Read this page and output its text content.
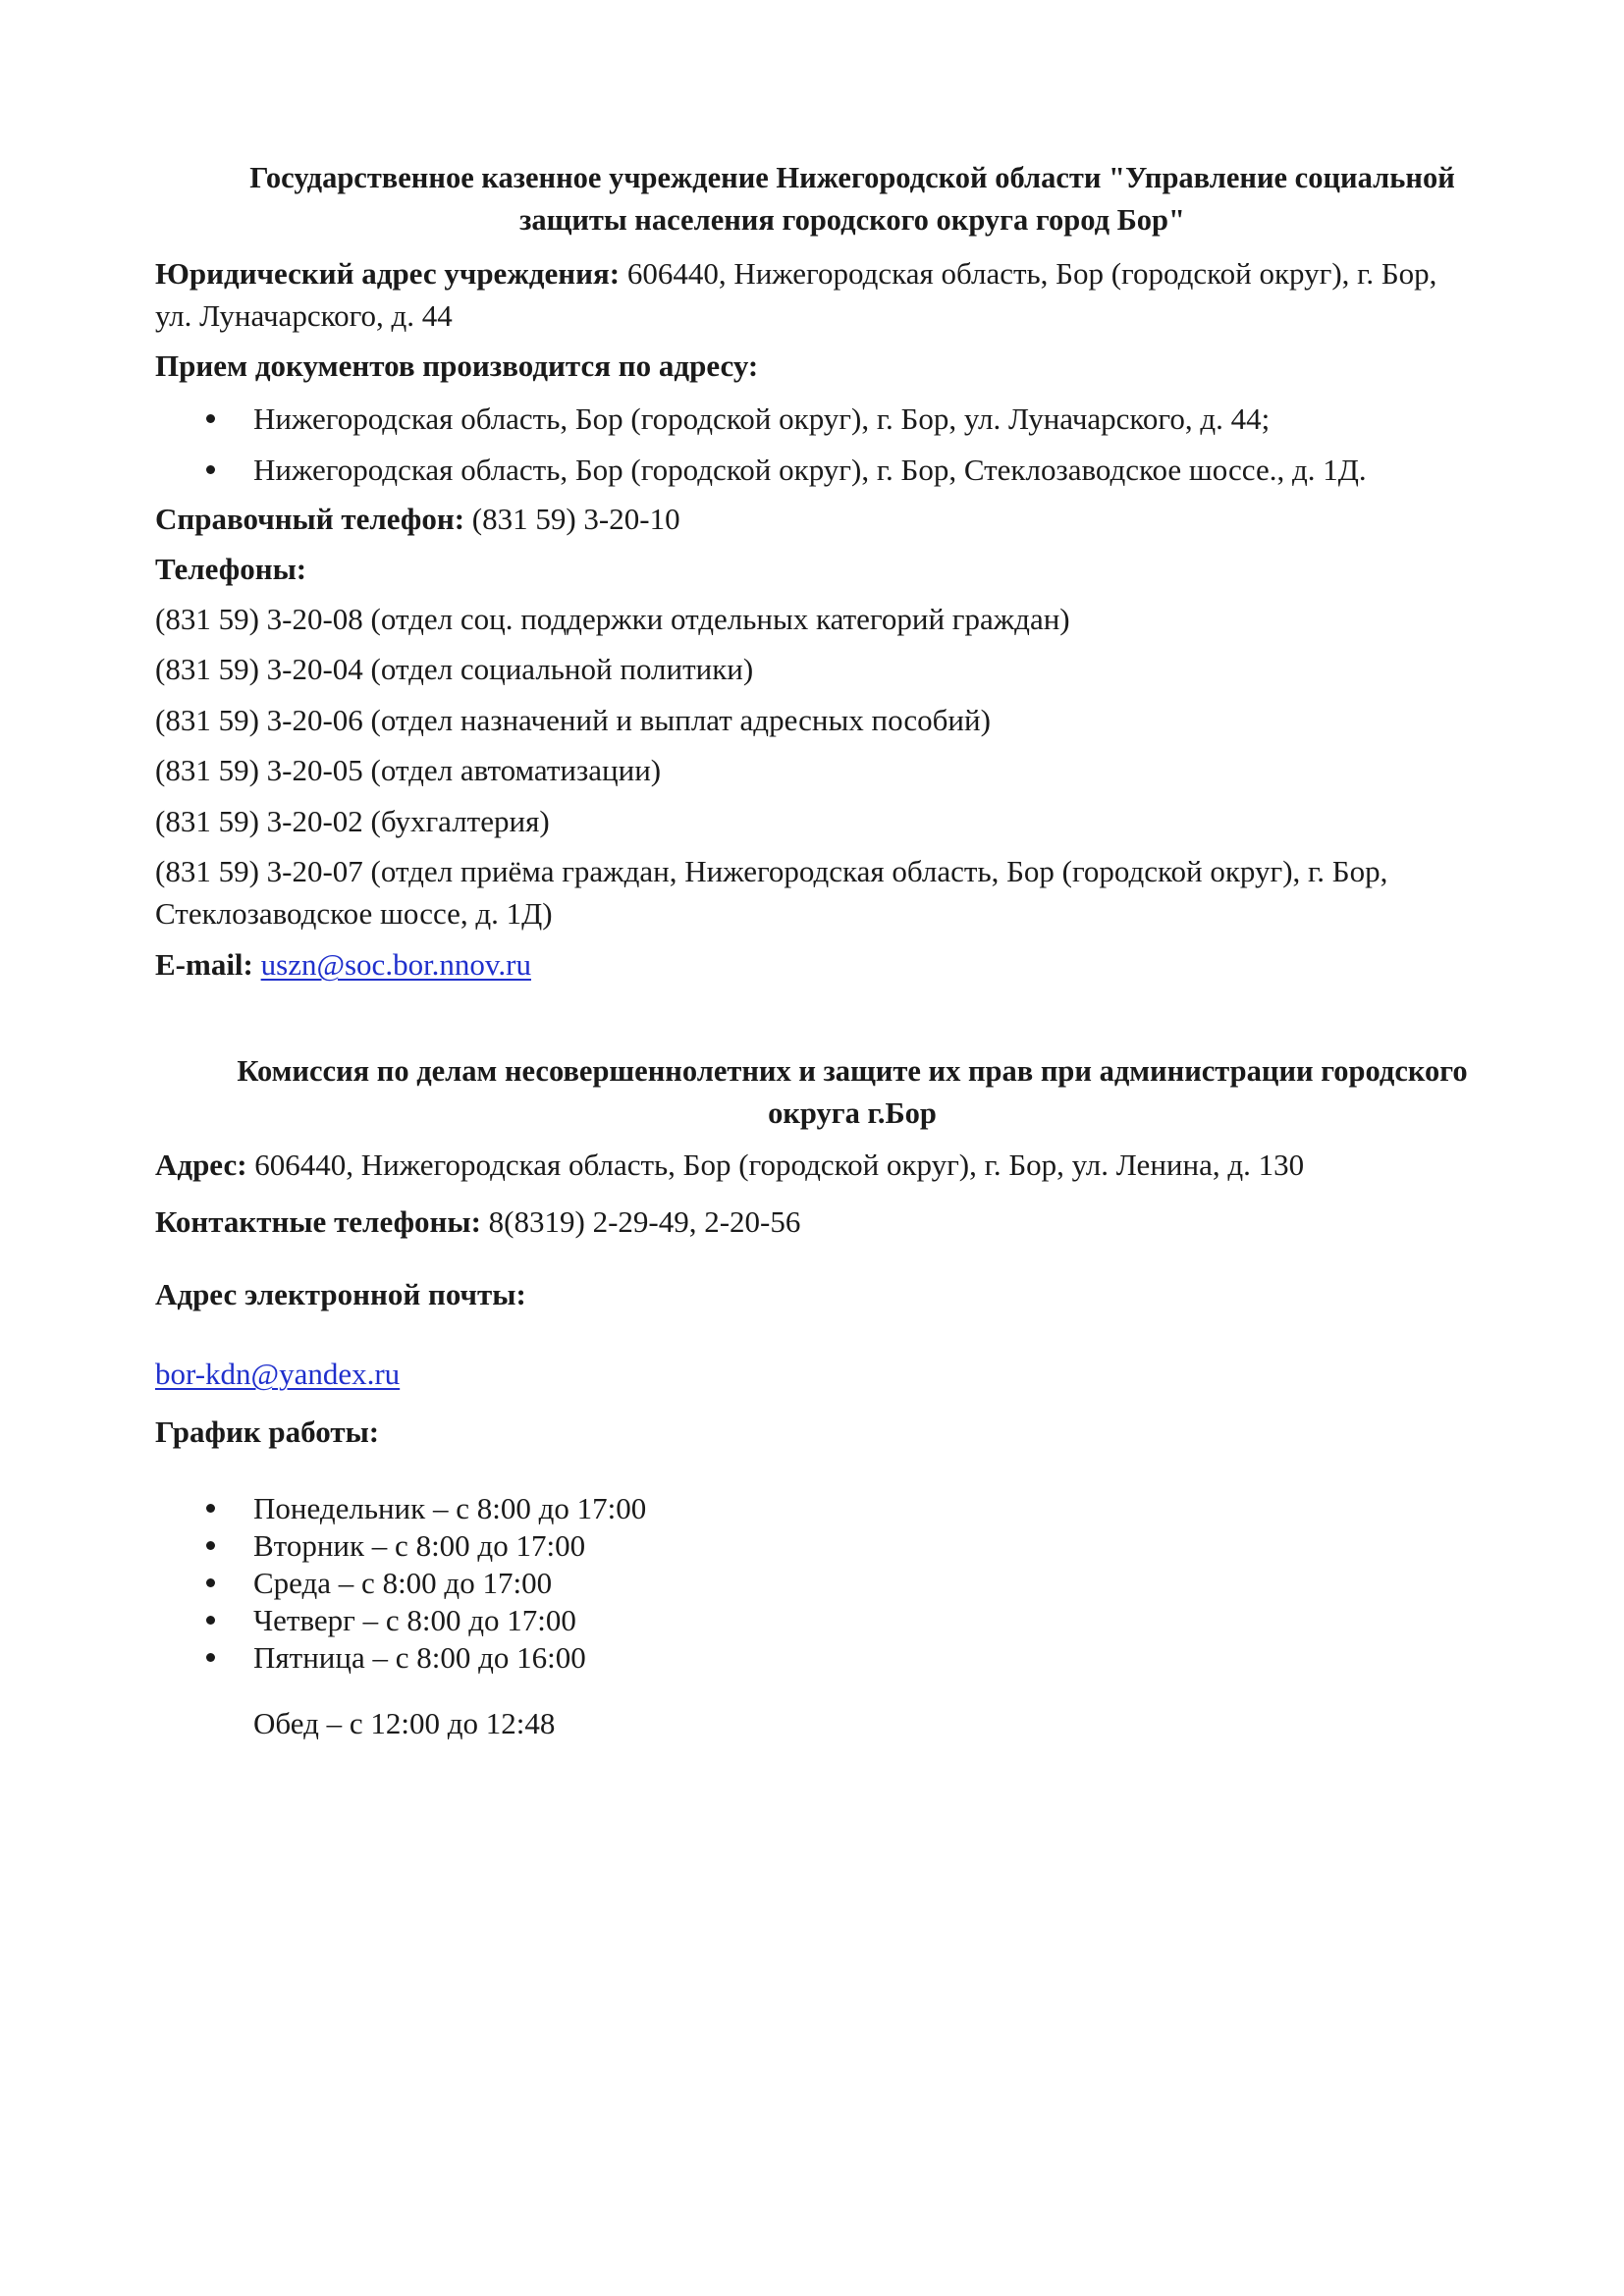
Государственное казенное учреждение Нижегородской области "Управление социальной
защиты населения городского округа город Бор"
Юридический адрес учреждения: 606440, Нижегородская область, Бор (городской округ), г. Бор,
ул. Луначарского, д. 44
Прием документов производится по адресу:
Нижегородская область, Бор (городской округ), г. Бор, ул. Луначарского, д. 44;
Нижегородская область, Бор (городской округ), г. Бор, Стеклозаводское шоссе., д. 1Д.
Справочный телефон: (831 59) 3-20-10
Телефоны:
(831 59) 3-20-08 (отдел соц. поддержки отдельных категорий граждан)
(831 59) 3-20-04 (отдел социальной политики)
(831 59) 3-20-06 (отдел назначений и выплат адресных пособий)
(831 59) 3-20-05 (отдел автоматизации)
(831 59) 3-20-02 (бухгалтерия)
(831 59) 3-20-07 (отдел приёма граждан, Нижегородская область, Бор (городской округ), г. Бор,
Стеклозаводское шоссе, д. 1Д)
E-mail: uszn@soc.bor.nnov.ru
Комиссия по делам несовершеннолетних и защите их прав при администрации городского
округа г.Бор
Адрес: 606440, Нижегородская область, Бор (городской округ), г. Бор, ул. Ленина, д. 130
Контактные телефоны: 8(8319) 2-29-49, 2-20-56
Адрес электронной почты:
bor-kdn@yandex.ru
График работы:
Понедельник – с 8:00 до 17:00
Вторник – с 8:00 до 17:00
Среда – с 8:00 до 17:00
Четверг – с 8:00 до 17:00
Пятница – с 8:00 до 16:00
Обед – с 12:00 до 12:48
